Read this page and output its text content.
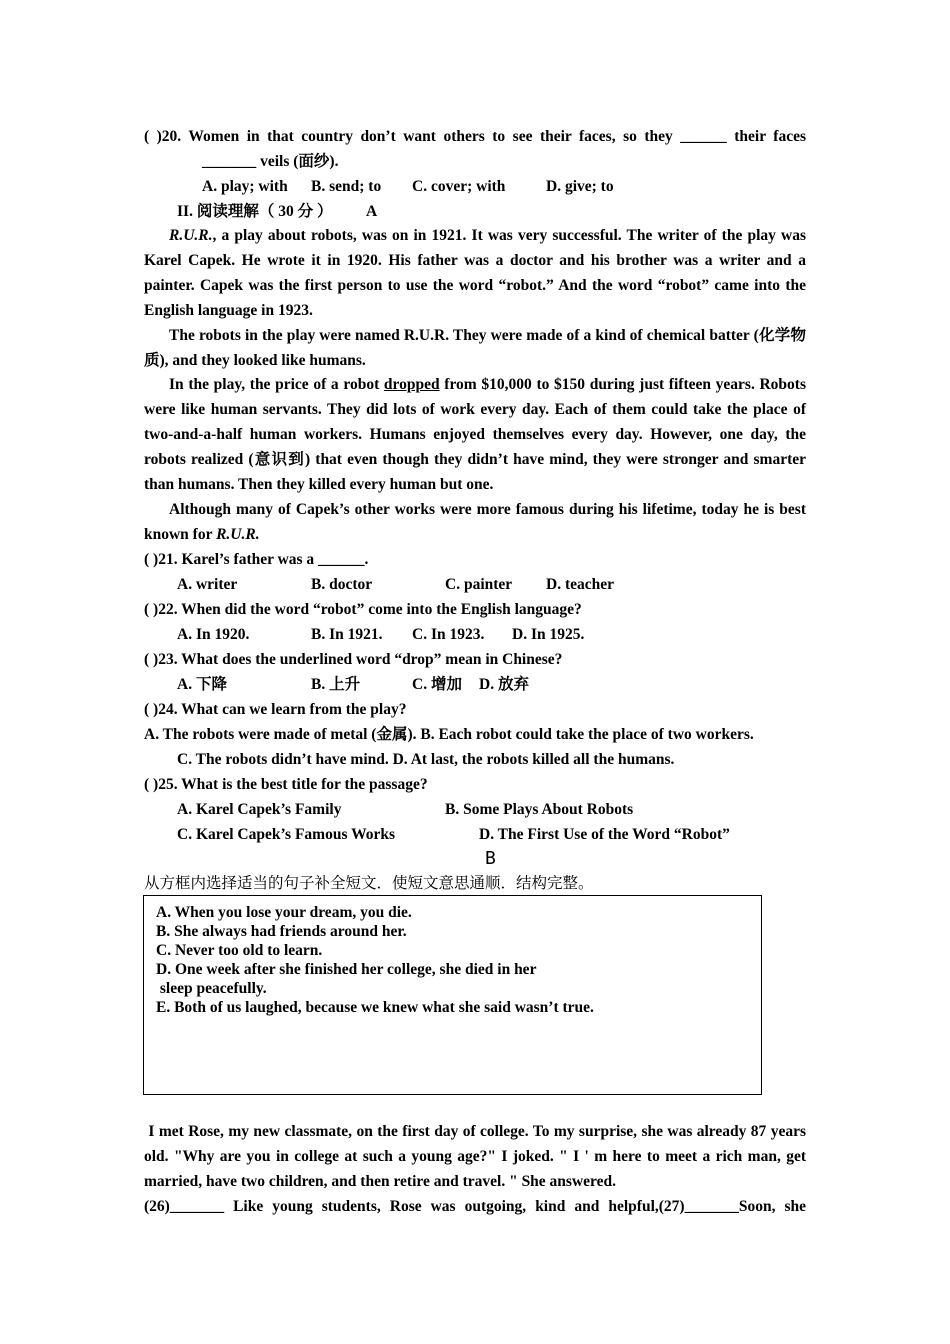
( )20. Women in that country don’t want others to see their faces, so they ______ their faces
_______ veils (面纱).
A. play; with B. send; to C. cover; with	D. give; to
II. 阅读理解（ 30 分 ） A

R.U.R., a play about robots, was on in 1921. It was very successful. The writer of the play was Karel Capek. He wrote it in 1920. His father was a doctor and his brother was a writer and a painter. Capek was the first person to use the word “robot.” And the word “robot” came into the English language in 1923.

The robots in the play were named R.U.R. They were made of a kind of chemical batter (化学物质), and they looked like humans.

In the play, the price of a robot dropped from $10,000 to $150 during just fifteen years. Robots were like human servants. They did lots of work every day. Each of them could take the place of two-and-a-half human workers. Humans enjoyed themselves every day. However, one day, the robots realized (意识到) that even though they didn’t have mind, they were stronger and smarter than humans. Then they killed every human but one.

Although many of Capek’s other works were more famous during his lifetime, today he is best known for R.U.R.

( )21. Karel’s father was a ______.
A. writer	B. doctor	C. painter D. teacher
( )22. When did the word “robot” come into the English language?
A. In 1920.	B. In 1921. C. In 1923. D. In 1925.
( )23. What does the underlined word “drop” mean in Chinese?
A. 下降	B. 上升	C. 增加 D. 放弃
( )24. What can we learn from the play?
A. The robots were made of metal (金属). B. Each robot could take the place of two workers.
C. The robots didn’t have mind. D. At last, the robots killed all the humans.
( )25. What is the best title for the passage?
A. Karel Capek’s Family	B. Some Plays About Robots
C. Karel Capek’s Famous Works	D. The First Use of the Word “Robot”
B
从方框内选择适当的句子补全短文．使短文意思通顺．结构完整。
A. When you lose your dream, you die.
B. She always had friends around her.
C. Never too old to learn.
D. One week after she finished her college, she died in her
sleep peacefully.
E. Both of us laughed, because we knew what she said wasn’t true.
I met Rose, my new classmate, on the first day of college. To my surprise, she was already 87 years old. "Why are you in college at such a young age?" I joked. " I ' m here to meet a rich man, get married, have two children, and then retire and travel. " She answered.
(26)_______ Like young students, Rose was outgoing, kind and helpful,(27)_______Soon, she
